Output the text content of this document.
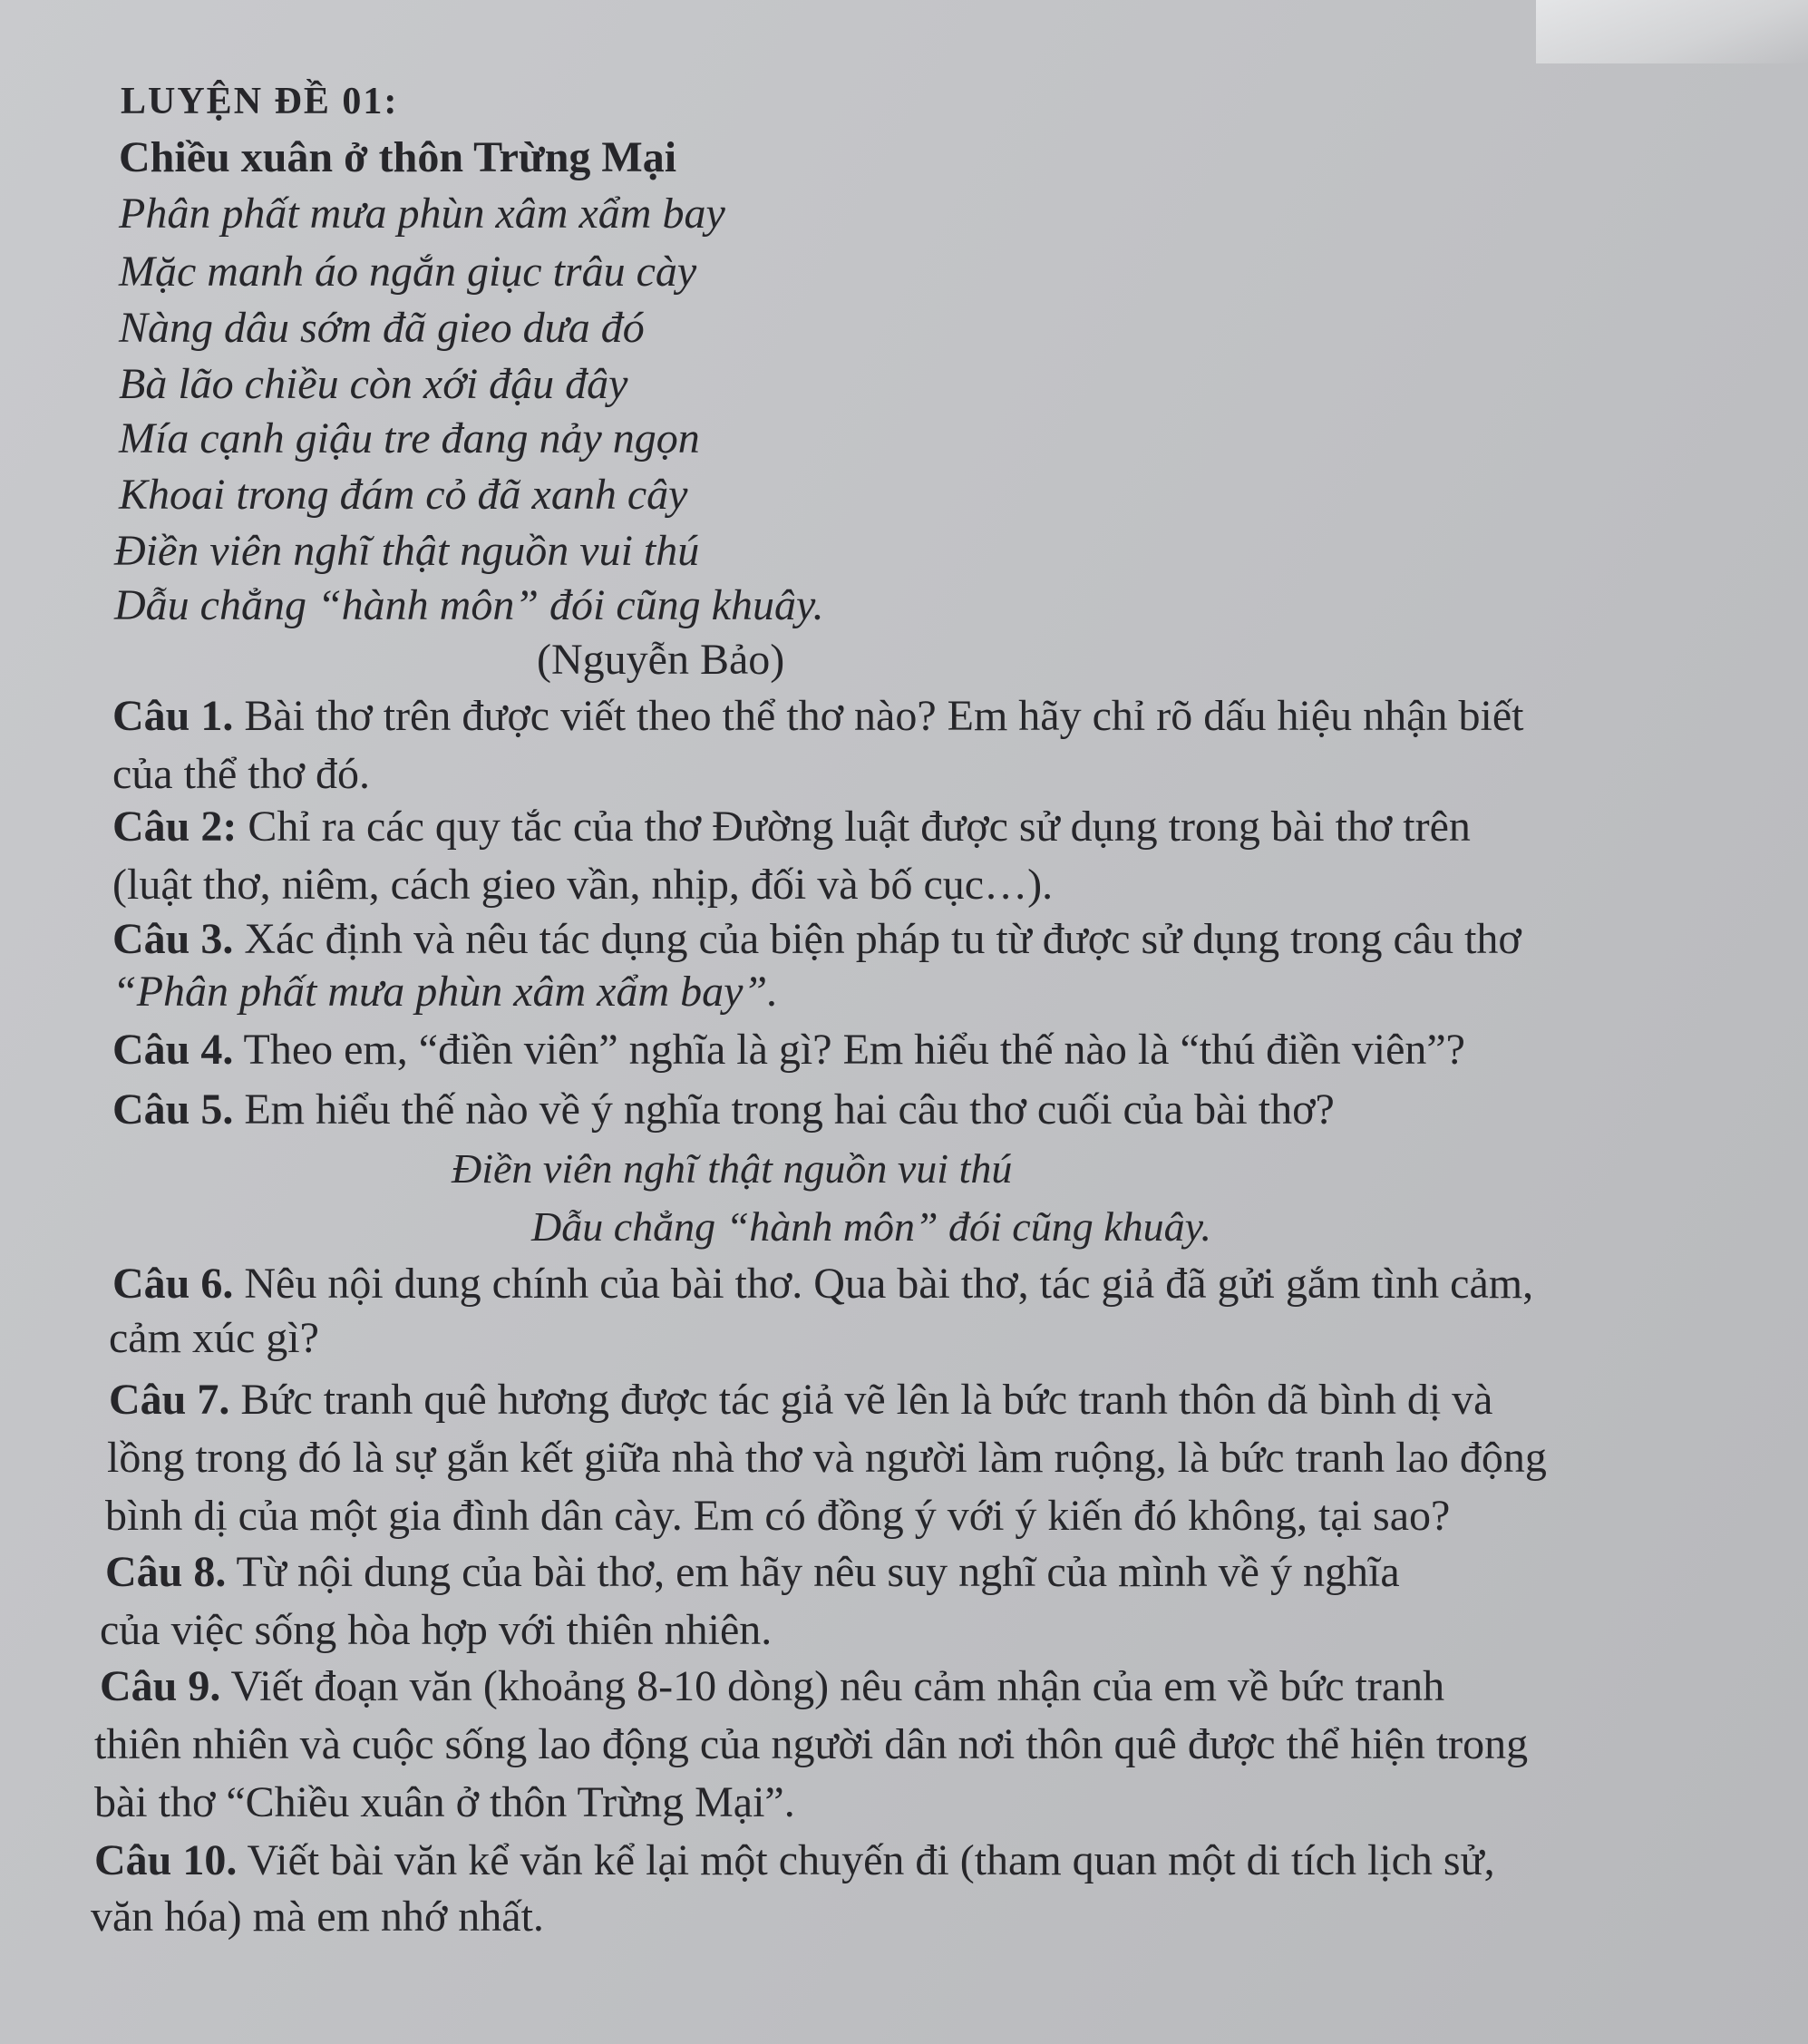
LUYỆN ĐỀ 01:
Chiều xuân ở thôn Trừng Mại
Phân phất mưa phùn xâm xẩm bay
Mặc manh áo ngắn giục trâu cày
Nàng dâu sớm đã gieo dưa đó
Bà lão chiều còn xới đậu đây
Mía cạnh giậu tre đang nảy ngọn
Khoai trong đám cỏ đã xanh cây
Điền viên nghĩ thật nguồn vui thú
Dẫu chẳng “hành môn” đói cũng khuây.
(Nguyễn Bảo)
Câu 1. Bài thơ trên được viết theo thể thơ nào? Em hãy chỉ rõ dấu hiệu nhận biết
của thể thơ đó.
Câu 2: Chỉ ra các quy tắc của thơ Đường luật được sử dụng trong bài thơ trên
(luật thơ, niêm, cách gieo vần, nhịp, đối và bố cục…).
Câu 3. Xác định và nêu tác dụng của biện pháp tu từ được sử dụng trong câu thơ
“Phân phất mưa phùn xâm xẩm bay”.
Câu 4. Theo em, “điền viên” nghĩa là gì? Em hiểu thế nào là “thú điền viên”?
Câu 5. Em hiểu thế nào về ý nghĩa trong hai câu thơ cuối của bài thơ?
Điền viên nghĩ thật nguồn vui thú
Dẫu chẳng “hành môn” đói cũng khuây.
Câu 6. Nêu nội dung chính của bài thơ. Qua bài thơ, tác giả đã gửi gắm tình cảm,
cảm xúc gì?
Câu 7. Bức tranh quê hương được tác giả vẽ lên là bức tranh thôn dã bình dị và
lồng trong đó là sự gắn kết giữa nhà thơ và người làm ruộng, là bức tranh lao động
bình dị của một gia đình dân cày. Em có đồng ý với ý kiến đó không, tại sao?
Câu 8. Từ nội dung của bài thơ, em hãy nêu suy nghĩ của mình về ý nghĩa
của việc sống hòa hợp với thiên nhiên.
Câu 9. Viết đoạn văn (khoảng 8-10 dòng) nêu cảm nhận của em về bức tranh
thiên nhiên và cuộc sống lao động của người dân nơi thôn quê được thể hiện trong
bài thơ “Chiều xuân ở thôn Trừng Mại”.
Câu 10. Viết bài văn kể văn kể lại một chuyến đi (tham quan một di tích lịch sử,
văn hóa) mà em nhớ nhất.
